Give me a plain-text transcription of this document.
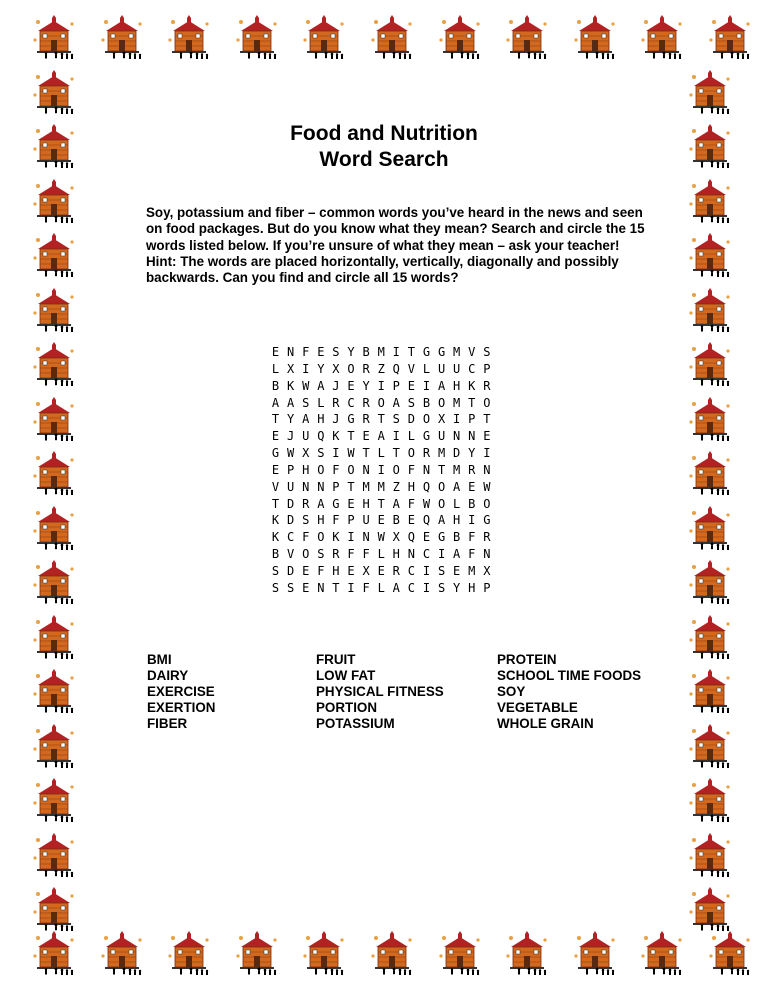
Food and Nutrition
Word Search
Soy, potassium and fiber – common words you’ve heard in the news and seen on food packages. But do you know what they mean? Search and circle the 15 words listed below. If you’re unsure of what they mean – ask your teacher! Hint: The words are placed horizontally, vertically, diagonally and possibly backwards. Can you find and circle all 15 words?
E N F E S Y B M I T G G M V S
L X I Y X O R Z Q V L U U C P
B K W A J E Y I P E I A H K R
A A S L R C R O A S B O M T O
T Y A H J G R T S D O X I P T
E J U Q K T E A I L G U N N E
G W X S I W T L T O R M D Y I
E P H O F O N I O F N T M R N
V U N N P T M M Z H Q O A E W
T D R A G E H T A F W O L B O
K D S H F P U E B E Q A H I G
K C F O K I N W X Q E G B F R
B V O S R F F L H N C I A F N
S D E F H E X E R C I S E M X
S S E N T I F L A C I S Y H P
BMI
DAIRY
EXERCISE
EXERTION
FIBER
FRUIT
LOW FAT
PHYSICAL FITNESS
PORTION
POTASSIUM
PROTEIN
SCHOOL TIME FOODS
SOY
VEGETABLE
WHOLE GRAIN
